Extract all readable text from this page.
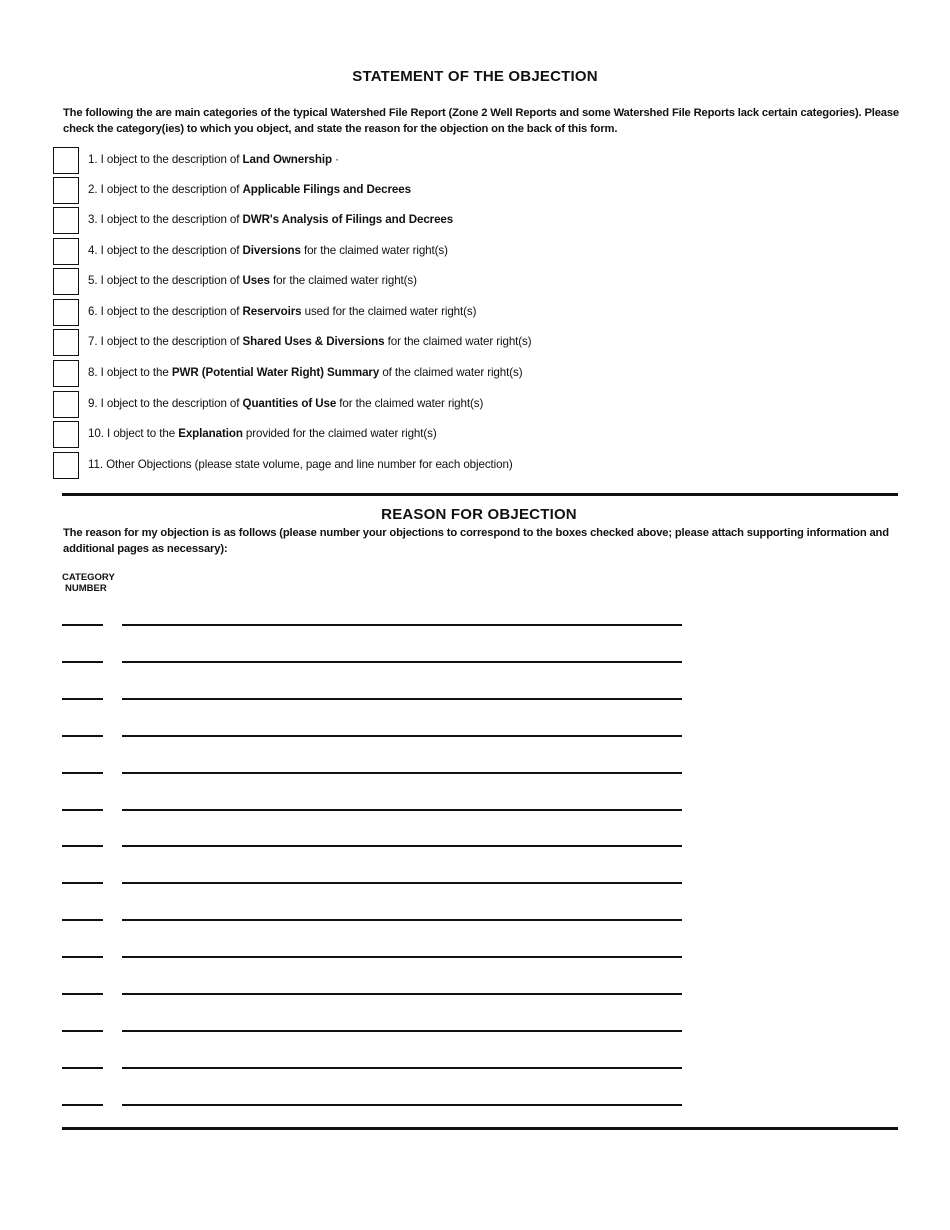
STATEMENT OF THE OBJECTION
The following the are main categories of the typical Watershed File Report (Zone 2 Well Reports and some Watershed File Reports lack certain categories). Please check the category(ies) to which you object, and state the reason for the objection on the back of this form.
1. I object to the description of Land Ownership ·
2. I object to the description of Applicable Filings and Decrees
3. I object to the description of DWR's Analysis of Filings and Decrees
4. I object to the description of Diversions for the claimed water right(s)
5. I object to the description of Uses for the claimed water right(s)
6. I object to the description of Reservoirs used for the claimed water right(s)
7. I object to the description of Shared Uses & Diversions for the claimed water right(s)
8. I object to the PWR (Potential Water Right) Summary of the claimed water right(s)
9. I object to the description of Quantities of Use for the claimed water right(s)
10. I object to the Explanation provided for the claimed water right(s)
11. Other Objections (please state volume, page and line number for each objection)
REASON FOR OBJECTION
The reason for my objection is as follows (please number your objections to correspond to the boxes checked above; please attach supporting information and additional pages as necessary):
CATEGORY
NUMBER
